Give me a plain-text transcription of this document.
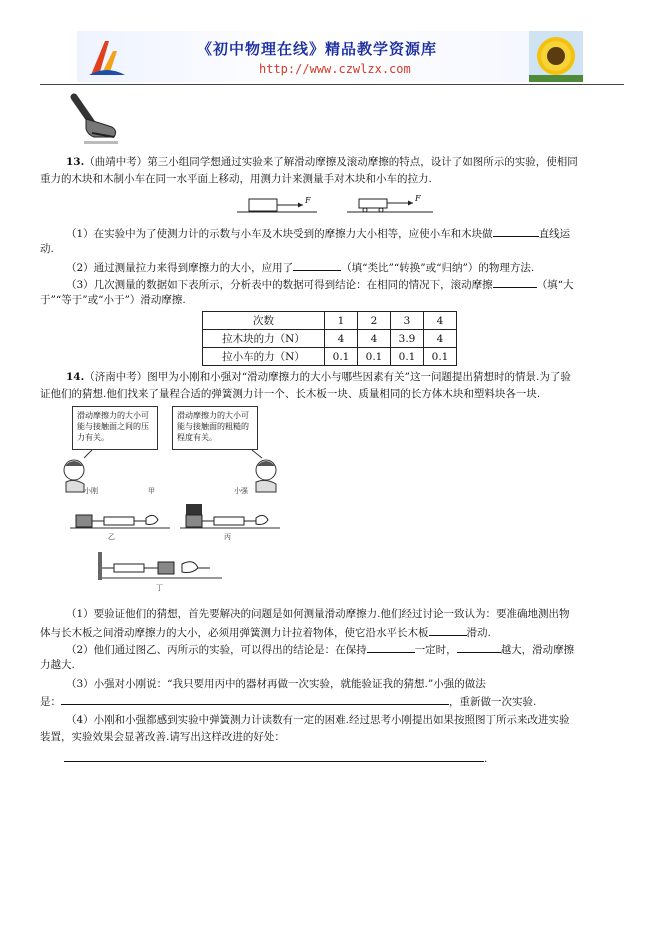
《初中物理在线》精品教学资源库
http://www.czwlzx.com
13.（曲靖中考）第三小组同学想通过实验来了解滑动摩擦及滚动摩擦的特点，设计了如图所示的实验，使相同
重力的木块和木制小车在同一水平面上移动，用测力计来测量手对木块和小车的拉力.
F	F
（1）在实验中为了使测力计的示数与小车及木块受到的摩擦力大小相等，应使小车和木块做	直线运
动.
（2）通过测量拉力来得到摩擦力的大小，应用了	（填“类比”“转换”或“归纳”）的物理方法.
（3）几次测量的数据如下表所示，分析表中的数据可得到结论：在相同的情况下，滚动摩擦	（填“大
于”“等于”或“小于”）滑动摩擦.
次数	1	2	3	4
拉木块的力（N）	4	4	3.9	4
拉小车的力（N）	0.1	0.1	0.1	0.1
14.（济南中考）图甲为小刚和小强对“滑动摩擦力的大小与哪些因素有关”这一问题提出猜想时的情景.为了验
证他们的猜想.他们找来了量程合适的弹簧测力计一个、长木板一块、质量相同的长方体木块和塑料块各一块.
滑动摩擦力的大小可能与接触面之间的压力有关。
滑动摩擦力的大小可能与接触面的粗糙的程度有关。
小刚	小强
甲
乙	丙
丁
（1）要验证他们的猜想，首先要解决的问题是如何测量滑动摩擦力.他们经过讨论一致认为：要准确地测出物
体与长木板之间滑动摩擦力的大小，必须用弹簧测力计拉着物体，使它沿水平长木板	滑动.
（2）他们通过图乙、丙所示的实验，可以得出的结论是：在保持	一定时，	越大，滑动摩擦
力越大.
（3）小强对小刚说：“我只要用丙中的器材再做一次实验，就能验证我的猜想.”小强的做法
是：	，重新做一次实验.
（4）小刚和小强都感到实验中弹簧测力计读数有一定的困难.经过思考小刚提出如果按照图丁所示来改进实验
装置，实验效果会显著改善.请写出这样改进的好处：
.
